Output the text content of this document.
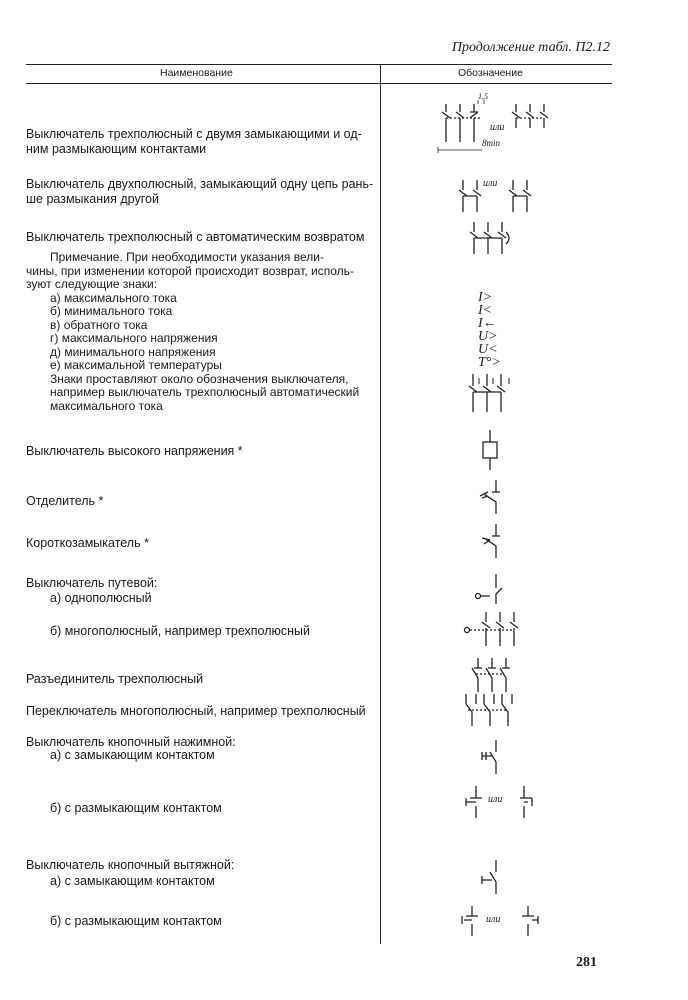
Продолжение табл. П2.12
Наименование	Обозначение
Выключатель трехполюсный с двумя замыкающими и од-
ним размыкающим контактами
или
8min
1,5
Выключатель двухполюсный, замыкающий одну цепь рань-
ше размыкания другой
или
Выключатель трехполюсный с автоматическим возвратом
Примечание. При необходимости указания вели-
чины, при изменении которой происходит возврат, исполь-
зуют следующие знаки:
а) максимального тока
б) минимального тока
в) обратного тока
г) максимального напряжения
д) минимального напряжения
е) максимальной температуры
Знаки проставляют около обозначения выключателя,
например выключатель трехполюсный автоматический
максимального тока
I>
I<
I←
U>
U<
T°>
Выключатель высокого напряжения *
Отделитель *
Короткозамыкатель *
Выключатель путевой:
а) однополюсный
б) многополюсный, например трехполюсный
Разъединитель трехполюсный
Переключатель многополюсный, например трехполюсный
Выключатель кнопочный нажимной:
а) с замыкающим контактом
б) с размыкающим контактом
или
Выключатель кнопочный вытяжной:
а) с замыкающим контактом
б) с размыкающим контактом	или
281
